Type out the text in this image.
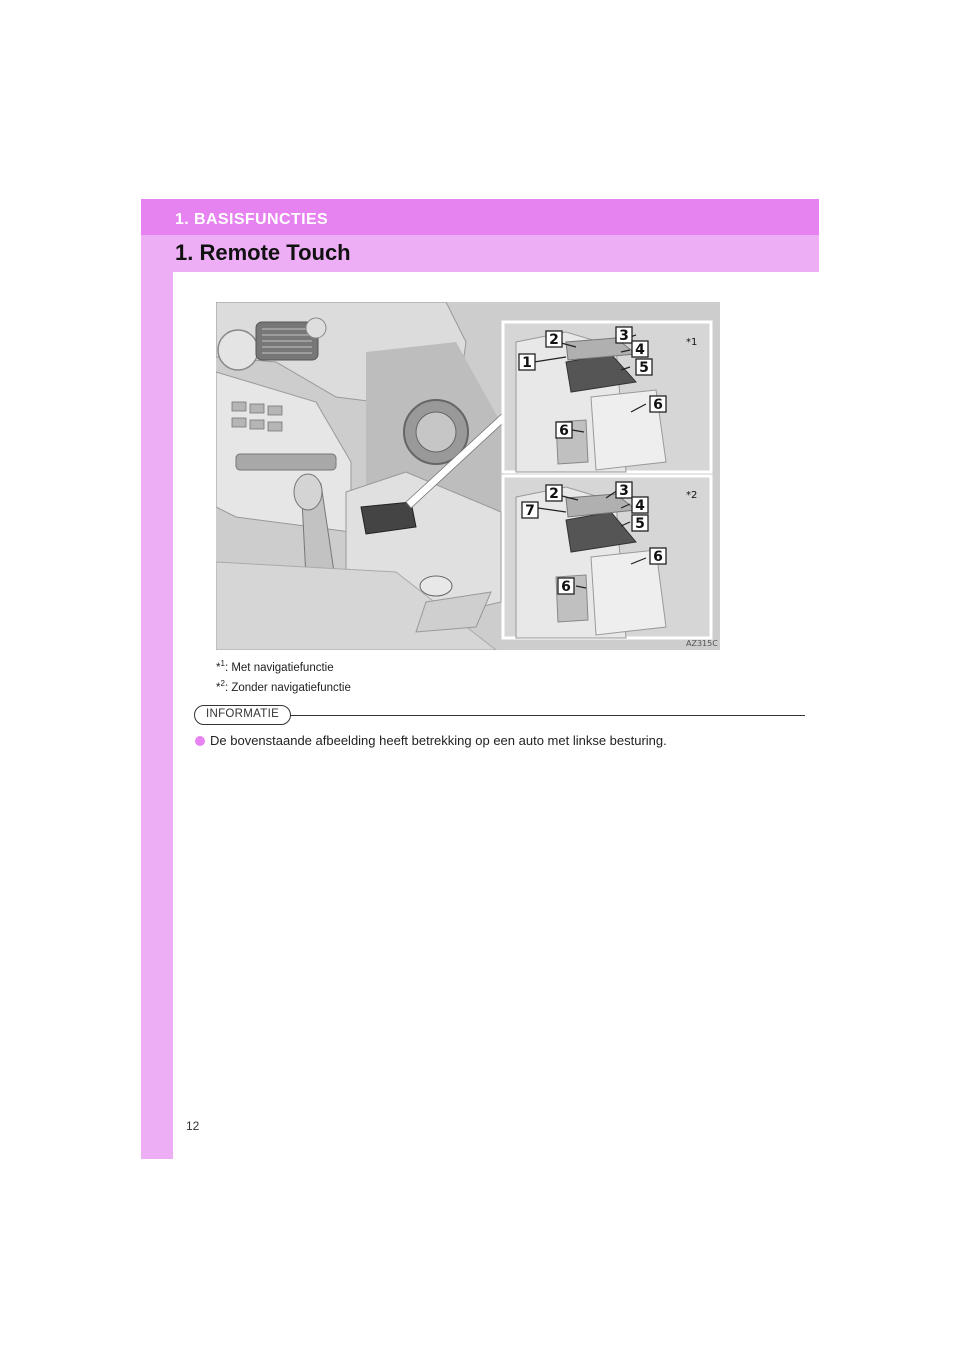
1. BASISFUNCTIES
1. Remote Touch
2	3
4
5
1
6
6
*1
2	3
4
5
7
6
6
*2
AZ315C
*$^1$: Met navigatiefunctie
*$^2$: Zonder navigatiefunctie
INFORMATIE
De bovenstaande afbeelding heeft betrekking op een auto met linkse besturing.
12
